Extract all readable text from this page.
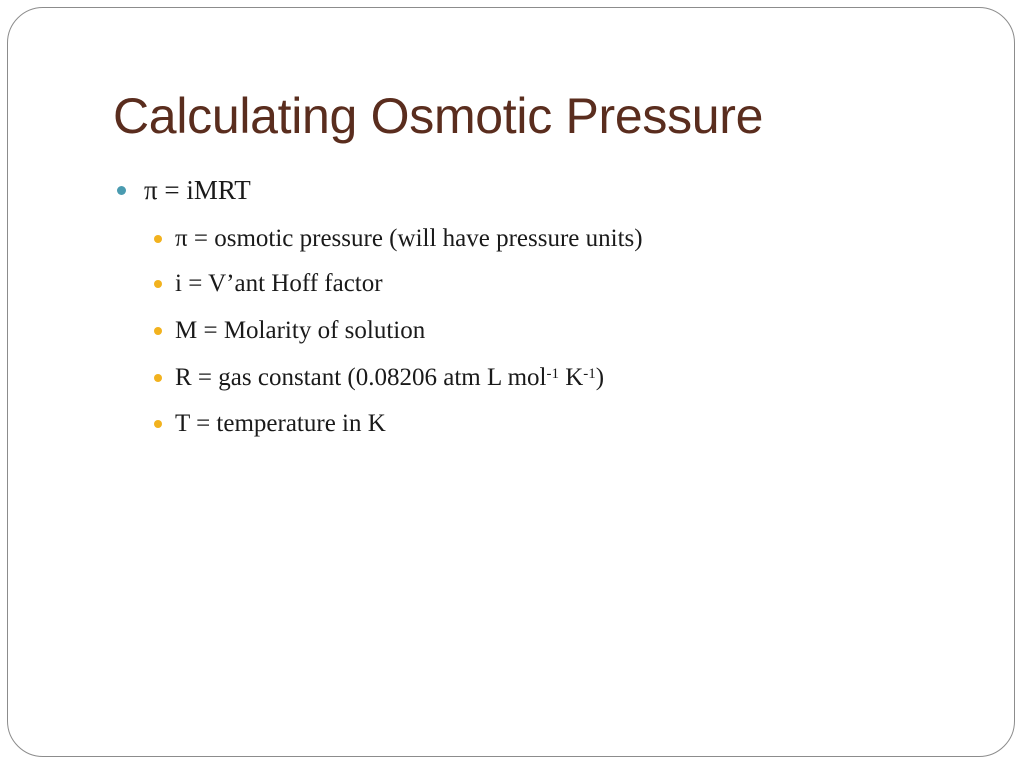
Calculating Osmotic Pressure
π = iMRT
π = osmotic pressure (will have pressure units)
i = V’ant Hoff factor
M = Molarity of solution
R = gas constant (0.08206 atm L mol$^{-1}$ $K^{-1}$)
T = temperature in K
